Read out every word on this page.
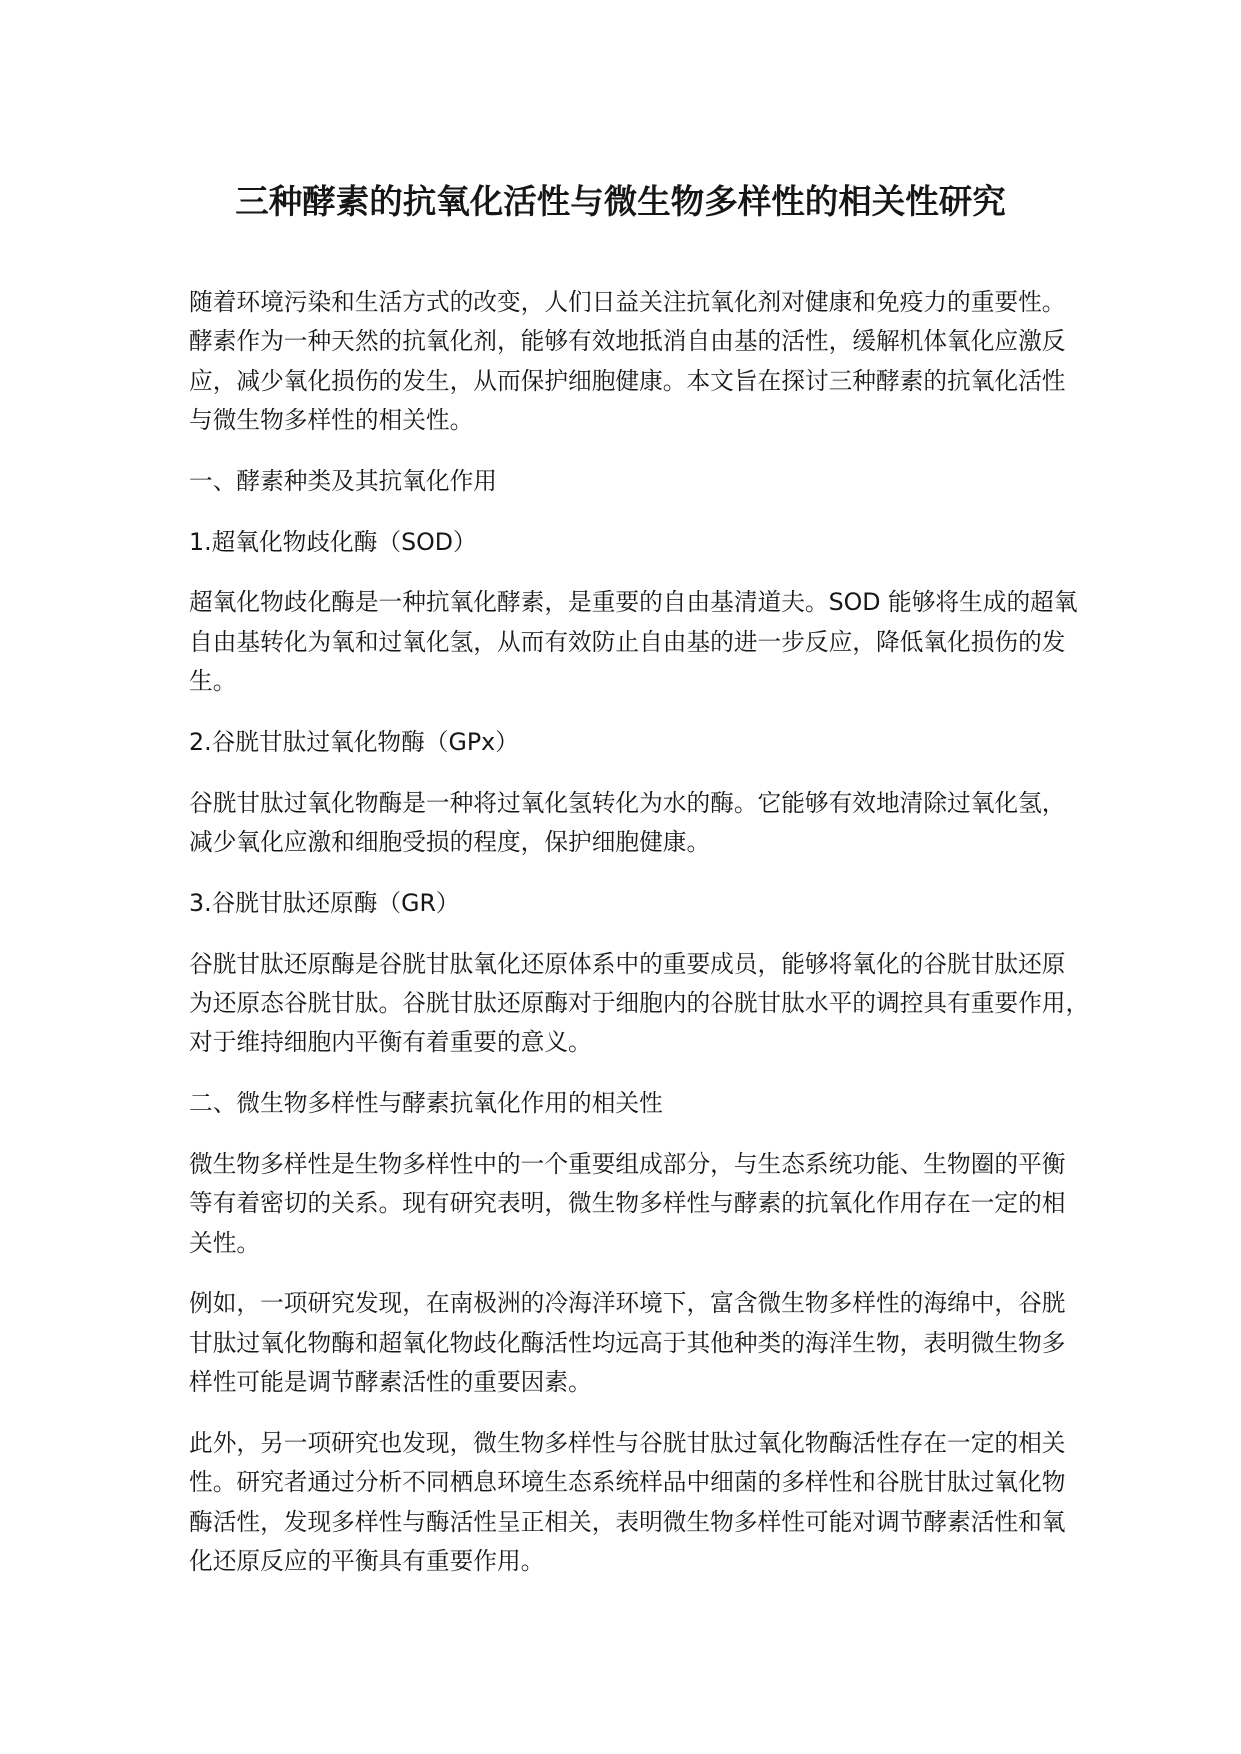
三种酵素的抗氧化活性与微生物多样性的相关性研究

随着环境污染和生活方式的改变，人们日益关注抗氧化剂对健康和免疫力的重要性。
酵素作为一种天然的抗氧化剂，能够有效地抵消自由基的活性，缓解机体氧化应激反
应，减少氧化损伤的发生，从而保护细胞健康。本文旨在探讨三种酵素的抗氧化活性
与微生物多样性的相关性。

一、酵素种类及其抗氧化作用

1.超氧化物歧化酶（SOD）

超氧化物歧化酶是一种抗氧化酵素，是重要的自由基清道夫。SOD 能够将生成的超氧
自由基转化为氧和过氧化氢，从而有效防止自由基的进一步反应，降低氧化损伤的发
生。

2.谷胱甘肽过氧化物酶（GPx）

谷胱甘肽过氧化物酶是一种将过氧化氢转化为水的酶。它能够有效地清除过氧化氢，
减少氧化应激和细胞受损的程度，保护细胞健康。

3.谷胱甘肽还原酶（GR）

谷胱甘肽还原酶是谷胱甘肽氧化还原体系中的重要成员，能够将氧化的谷胱甘肽还原
为还原态谷胱甘肽。谷胱甘肽还原酶对于细胞内的谷胱甘肽水平的调控具有重要作用，
对于维持细胞内平衡有着重要的意义。

二、微生物多样性与酵素抗氧化作用的相关性

微生物多样性是生物多样性中的一个重要组成部分，与生态系统功能、生物圈的平衡
等有着密切的关系。现有研究表明，微生物多样性与酵素的抗氧化作用存在一定的相
关性。

例如，一项研究发现，在南极洲的冷海洋环境下，富含微生物多样性的海绵中，谷胱
甘肽过氧化物酶和超氧化物歧化酶活性均远高于其他种类的海洋生物，表明微生物多
样性可能是调节酵素活性的重要因素。

此外，另一项研究也发现，微生物多样性与谷胱甘肽过氧化物酶活性存在一定的相关
性。研究者通过分析不同栖息环境生态系统样品中细菌的多样性和谷胱甘肽过氧化物
酶活性，发现多样性与酶活性呈正相关，表明微生物多样性可能对调节酵素活性和氧
化还原反应的平衡具有重要作用。
